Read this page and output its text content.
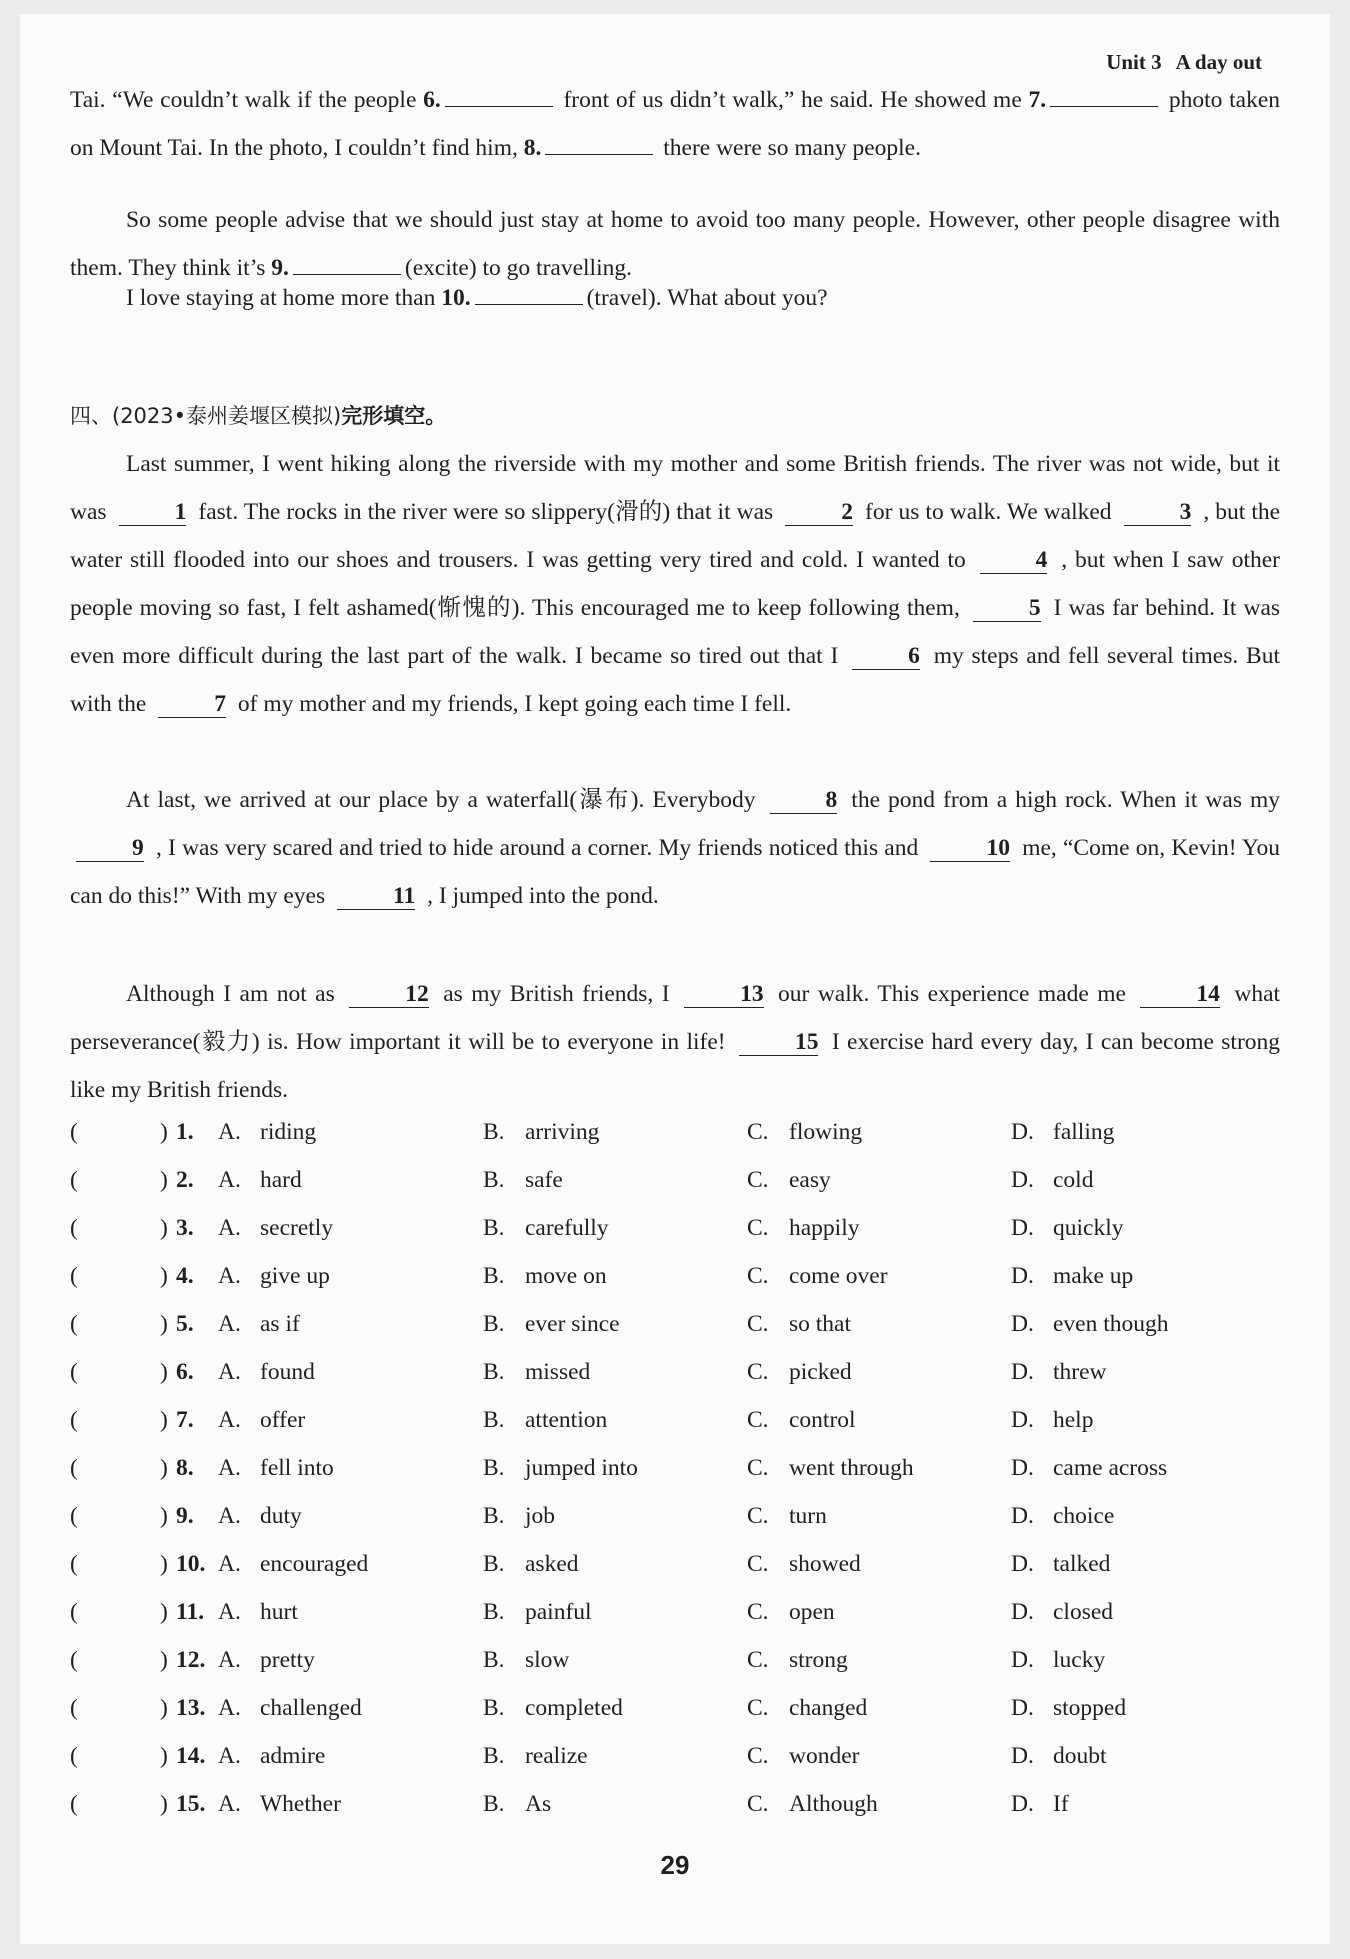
Unit 3 A day out
Tai. “We couldn’t walk if the people 6.	front of us didn’t walk,” he said. He showed me 7.	photo taken on Mount Tai. In the photo, I couldn’t find him, 8.	there were so many people.
So some people advise that we should just stay at home to avoid too many people. However, other people disagree with them. They think it’s 9.	(excite) to go travelling.
I love staying at home more than 10.	(travel). What about you?
四、(2023•泰州姜堰区模拟)完形填空。
Last summer, I went hiking along the riverside with my mother and some British friends. The river was not wide, but it was	1 fast. The rocks in the river were so slippery(滑的) that it was	2 for us to walk. We walked	3 , but the water still flooded into our shoes and trousers. I was getting very tired and cold. I wanted to	4 , but when I saw other people moving so fast, I felt ashamed(惭愧的). This encouraged me to keep following them,	5 I was far behind. It was even more difficult during the last part of the walk. I became so tired out that I	6 my steps and fell several times. But with the	7 of my mother and my friends, I kept going each time I fell.
At last, we arrived at our place by a waterfall(瀑布). Everybody	8 the pond from a high rock. When it was my 9 , I was very scared and tried to hide around a corner. My friends noticed this and	10 me, “Come on, Kevin! You can do this!” With my eyes	11 , I jumped into the pond.
Although I am not as	12 as my British friends, I	13 our walk. This experience made me	14 what perseverance(毅力) is. How important it will be to everyone in life!	15 I exercise hard every day, I can become strong like my British friends.
(	) 1. A. riding	B. arriving	C. flowing	D. falling
(	) 2. A. hard	B. safe	C. easy	D. cold
(	) 3. A. secretly	B. carefully	C. happily	D. quickly
(	) 4. A. give up	B. move on	C. come over	D. make up
(	) 5. A. as if	B. ever since	C. so that	D. even though
(	) 6. A. found	B. missed	C. picked	D. threw
(	) 7. A. offer	B. attention	C. control	D. help
(	) 8. A. fell into	B. jumped into	C. went through	D. came across
(	) 9. A. duty	B. job	C. turn	D. choice
(	) 10. A. encouraged	B. asked	C. showed	D. talked
(	) 11. A. hurt	B. painful	C. open	D. closed
(	) 12. A. pretty	B. slow	C. strong	D. lucky
(	) 13. A. challenged	B. completed	C. changed	D. stopped
(	) 14. A. admire	B. realize	C. wonder	D. doubt
(	) 15. A. Whether	B. As	C. Although	D. If
29
